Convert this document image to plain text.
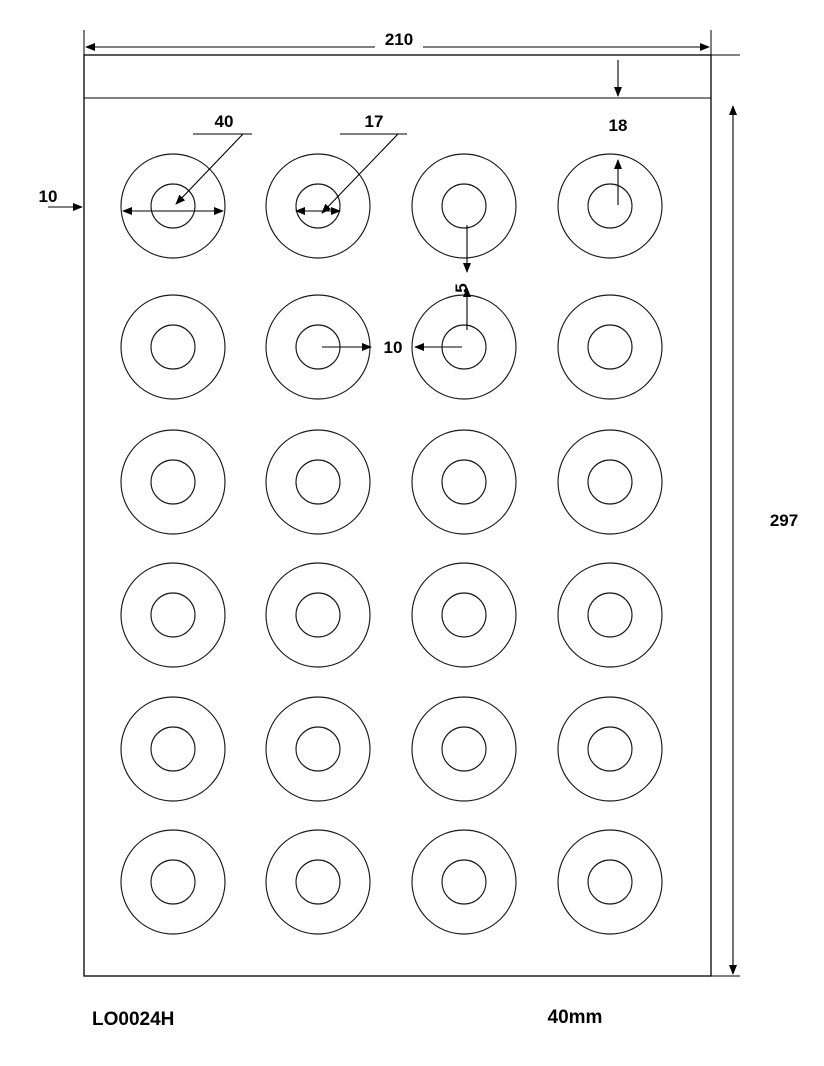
210
297
10
18
40	17
5
10
LO0024H	40mm
